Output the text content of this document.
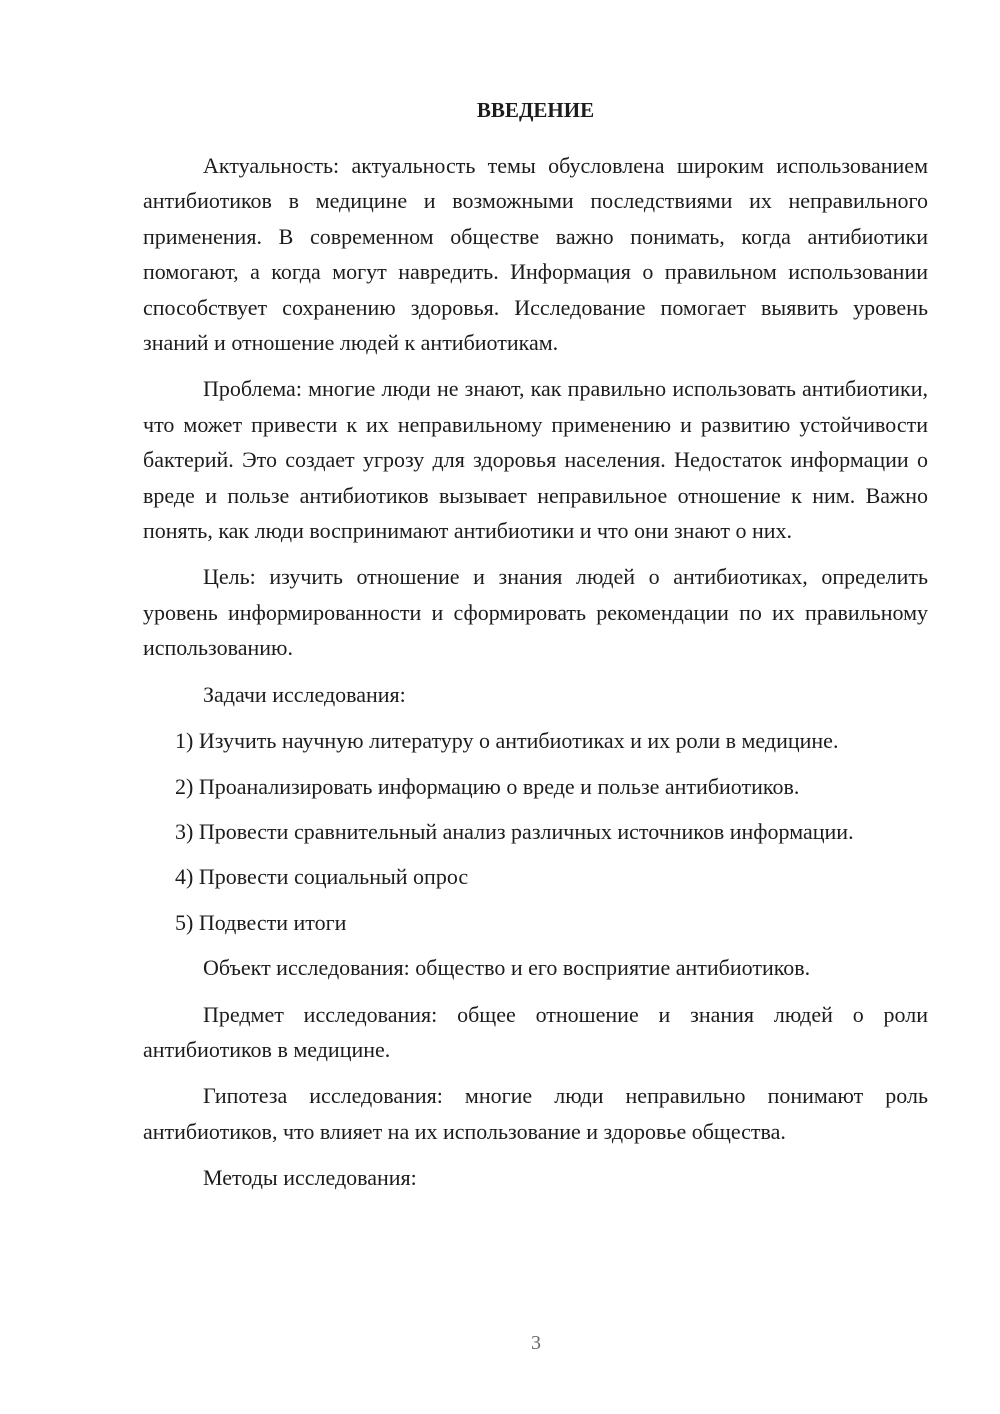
ВВЕДЕНИЕ

Актуальность: актуальность темы обусловлена широким использованием антибиотиков в медицине и возможными последствиями их неправильного применения. В современном обществе важно понимать, когда антибиотики помогают, а когда могут навредить. Информация о правильном использовании способствует сохранению здоровья. Исследование помогает выявить уровень знаний и отношение людей к антибиотикам.

Проблема: многие люди не знают, как правильно использовать антибиотики, что может привести к их неправильному применению и развитию устойчивости бактерий. Это создает угрозу для здоровья населения. Недостаток информации о вреде и пользе антибиотиков вызывает неправильное отношение к ним. Важно понять, как люди воспринимают антибиотики и что они знают о них.

Цель: изучить отношение и знания людей о антибиотиках, определить уровень информированности и сформировать рекомендации по их правильному использованию.

Задачи исследования:

1) Изучить научную литературу о антибиотиках и их роли в медицине.

2) Проанализировать информацию о вреде и пользе антибиотиков.

3) Провести сравнительный анализ различных источников информации.

4) Провести социальный опрос

5) Подвести итоги

Объект исследования: общество и его восприятие антибиотиков.

Предмет исследования: общее отношение и знания людей о роли антибиотиков в медицине.

Гипотеза исследования: многие люди неправильно понимают роль антибиотиков, что влияет на их использование и здоровье общества.

Методы исследования:

3
